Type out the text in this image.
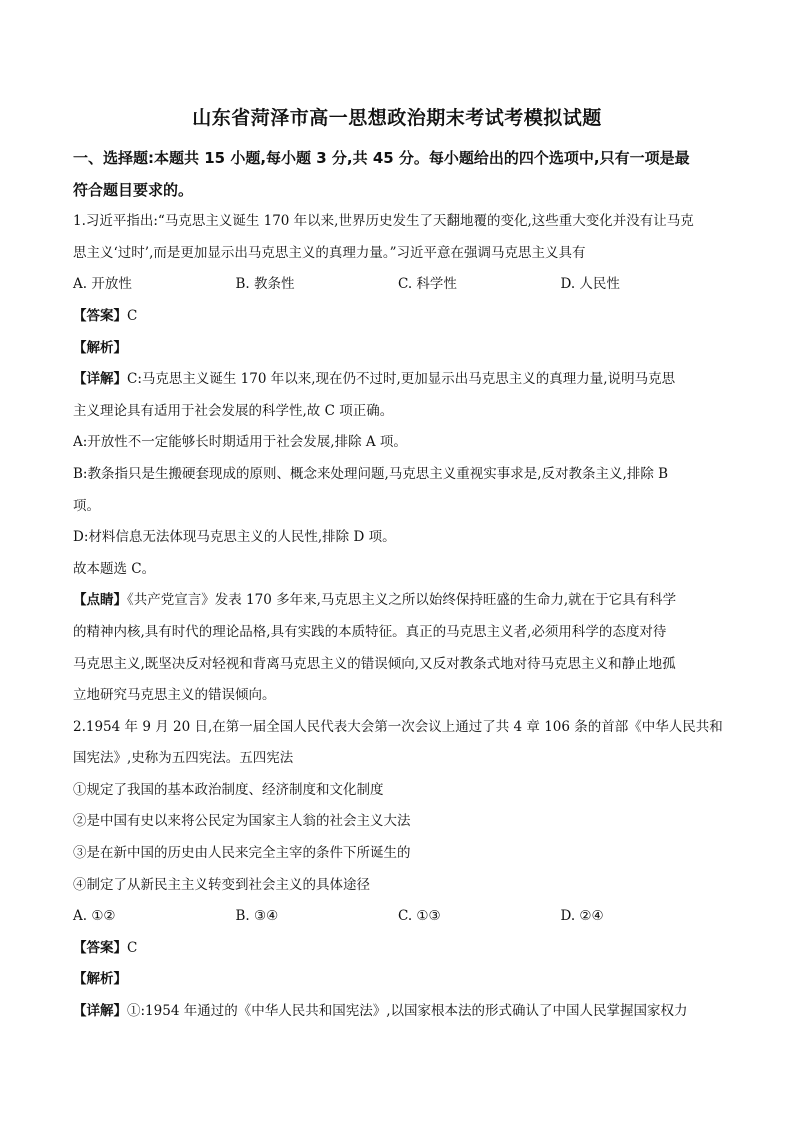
山东省菏泽市高一思想政治期末考试考模拟试题
一、选择题:本题共 15 小题,每小题 3 分,共 45 分。每小题给出的四个选项中,只有一项是最
符合题目要求的。
1.习近平指出:“马克思主义诞生 170 年以来,世界历史发生了天翻地覆的变化,这些重大变化并没有让马克
思主义‘过时’,而是更加显示出马克思主义的真理力量。”习近平意在强调马克思主义具有
A. 开放性	B. 教条性	C. 科学性	D. 人民性
【答案】C
【解析】
【详解】C:马克思主义诞生 170 年以来,现在仍不过时,更加显示出马克思主义的真理力量,说明马克思
主义理论具有适用于社会发展的科学性,故 C 项正确。
A:开放性不一定能够长时期适用于社会发展,排除 A 项。
B:教条指只是生搬硬套现成的原则、概念来处理问题,马克思主义重视实事求是,反对教条主义,排除 B
项。
D:材料信息无法体现马克思主义的人民性,排除 D 项。
故本题选 C。
【点睛】《共产党宣言》发表 170 多年来,马克思主义之所以始终保持旺盛的生命力,就在于它具有科学
的精神内核,具有时代的理论品格,具有实践的本质特征。真正的马克思主义者,必须用科学的态度对待
马克思主义,既坚决反对轻视和背离马克思主义的错误倾向,又反对教条式地对待马克思主义和静止地孤
立地研究马克思主义的错误倾向。
2.1954 年 9 月 20 日,在第一届全国人民代表大会第一次会议上通过了共 4 章 106 条的首部《中华人民共和
国宪法》,史称为五四宪法。五四宪法
①规定了我国的基本政治制度、经济制度和文化制度
②是中国有史以来将公民定为国家主人翁的社会主义大法
③是在新中国的历史由人民来完全主宰的条件下所诞生的
④制定了从新民主主义转变到社会主义的具体途径
A. ①②	B. ③④	C. ①③	D. ②④
【答案】C
【解析】
【详解】①:1954 年通过的《中华人民共和国宪法》,以国家根本法的形式确认了中国人民掌握国家权力
